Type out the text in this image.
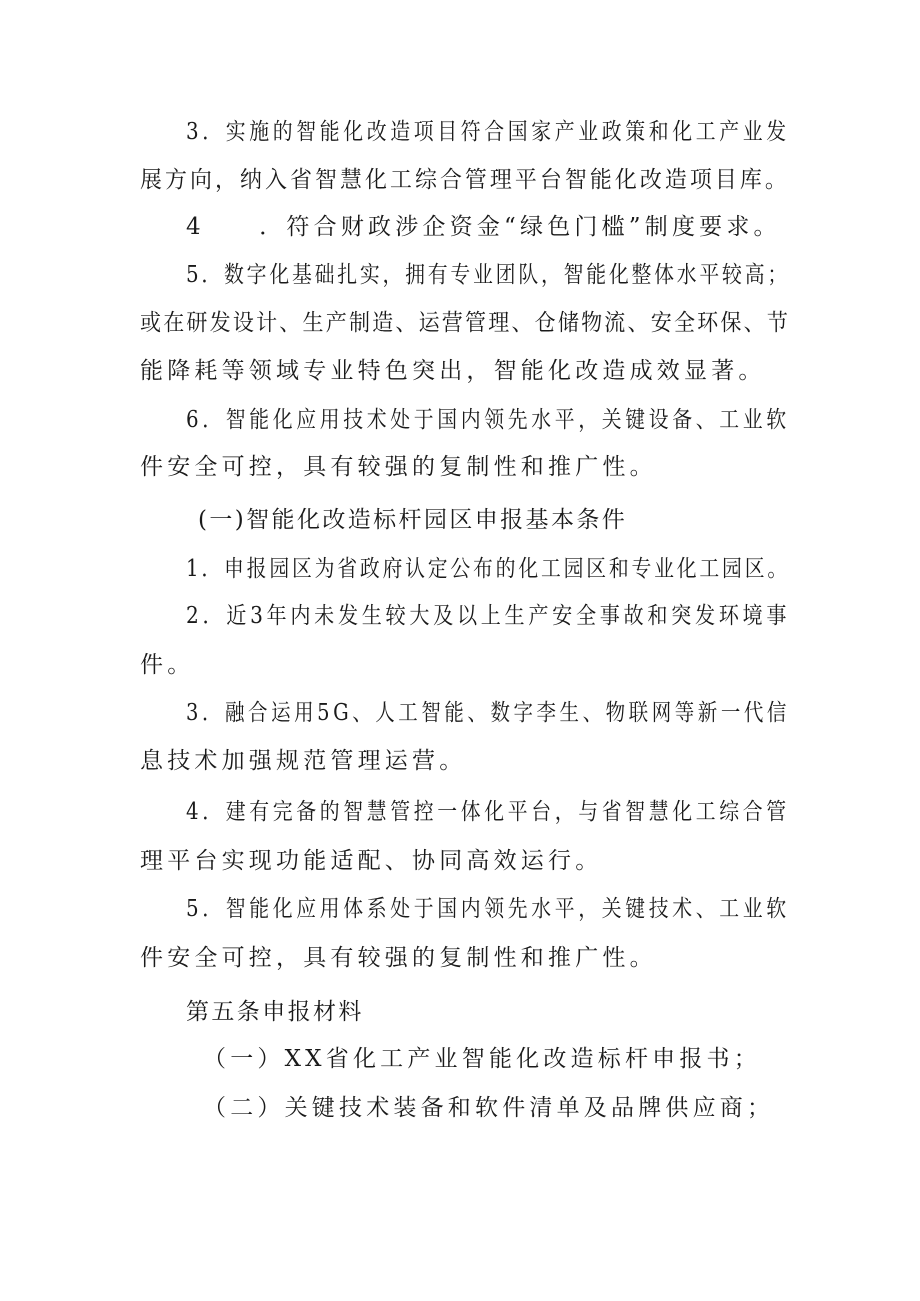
3．实施的智能化改造项目符合国家产业政策和化工产业发
展方向，纳入省智慧化工综合管理平台智能化改造项目库。
4　　．符合财政涉企资金“绿色门槛”制度要求。
5．数字化基础扎实，拥有专业团队，智能化整体水平较高；
或在研发设计、生产制造、运营管理、仓储物流、安全环保、节
能降耗等领域专业特色突出，智能化改造成效显著。
6．智能化应用技术处于国内领先水平，关键设备、工业软
件安全可控，具有较强的复制性和推广性。
(一)智能化改造标杆园区申报基本条件
1．申报园区为省政府认定公布的化工园区和专业化工园区。
2．近3年内未发生较大及以上生产安全事故和突发环境事
件。
3．融合运用5G、人工智能、数字李生、物联网等新一代信
息技术加强规范管理运营。
4．建有完备的智慧管控一体化平台，与省智慧化工综合管
理平台实现功能适配、协同高效运行。
5．智能化应用体系处于国内领先水平，关键技术、工业软
件安全可控，具有较强的复制性和推广性。
第五条申报材料
（一）XX省化工产业智能化改造标杆申报书；
（二）关键技术装备和软件清单及品牌供应商；
